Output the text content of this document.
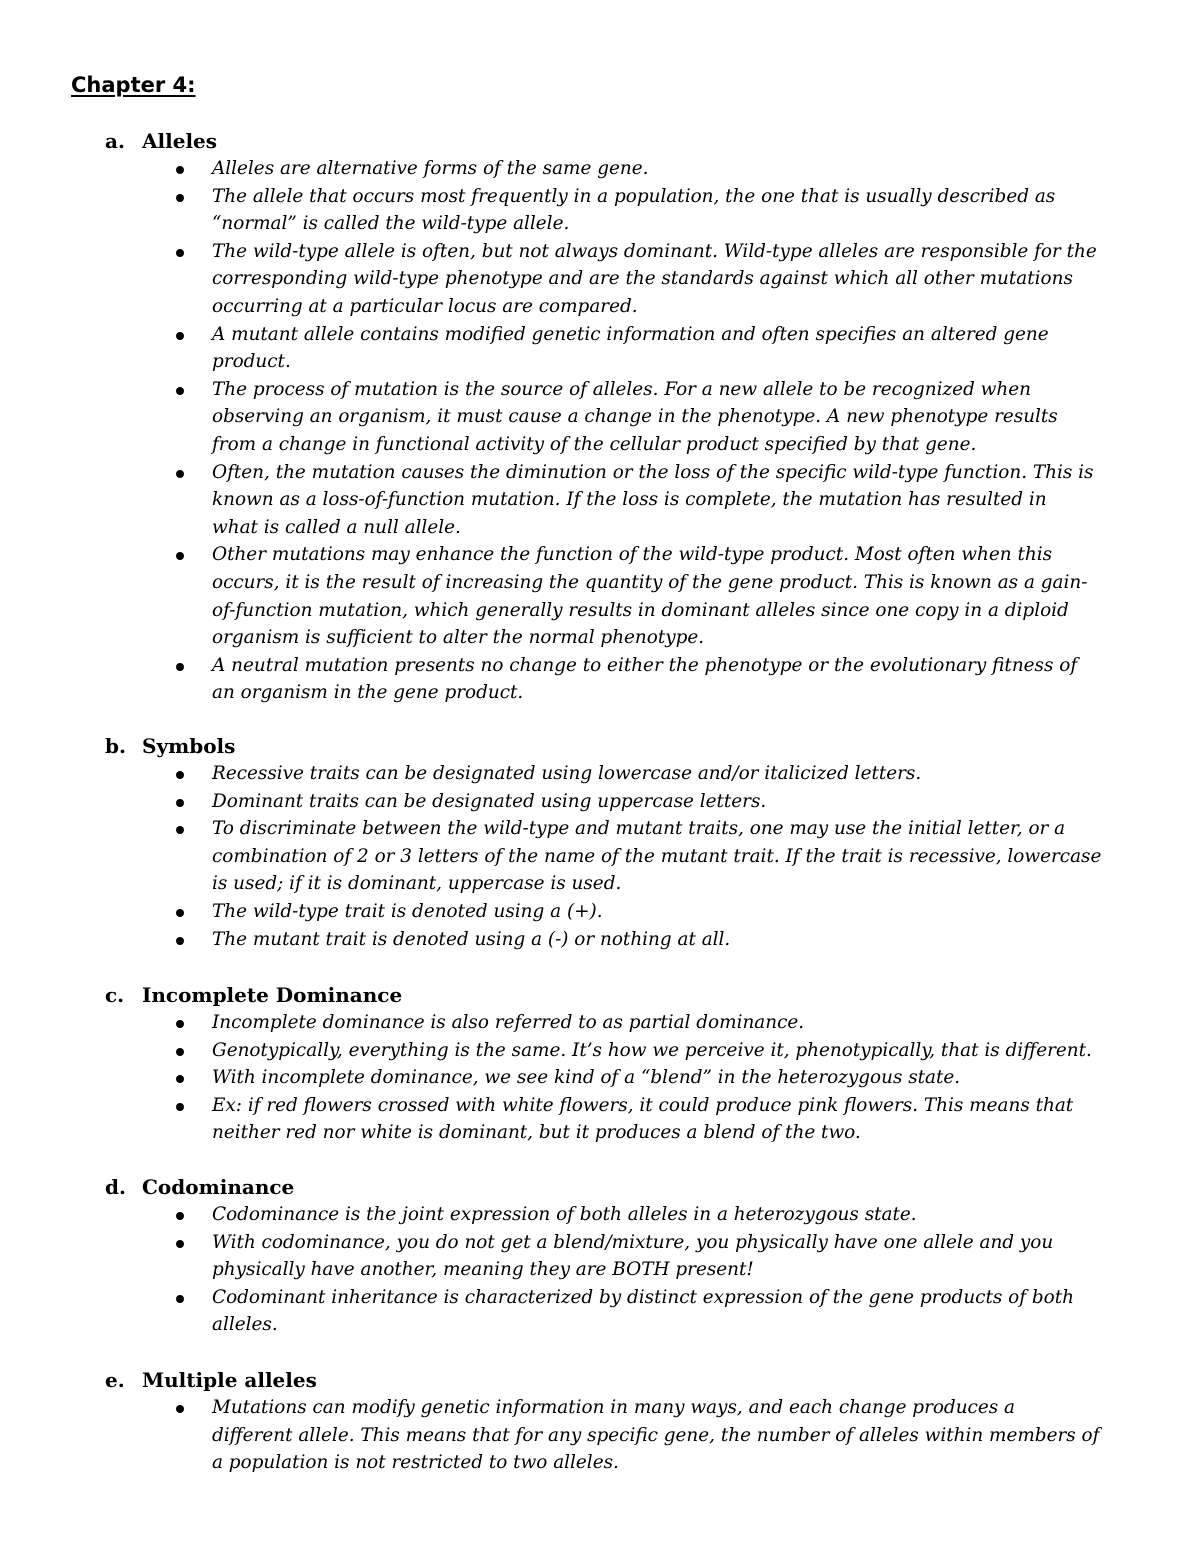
Chapter 4:
a. Alleles
Alleles are alternative forms of the same gene.
The allele that occurs most frequently in a population, the one that is usually described as
“normal” is called the wild-type allele.
The wild-type allele is often, but not always dominant. Wild-type alleles are responsible for the
corresponding wild-type phenotype and are the standards against which all other mutations
occurring at a particular locus are compared.
A mutant allele contains modified genetic information and often specifies an altered gene
product.
The process of mutation is the source of alleles. For a new allele to be recognized when
observing an organism, it must cause a change in the phenotype. A new phenotype results
from a change in functional activity of the cellular product specified by that gene.
Often, the mutation causes the diminution or the loss of the specific wild-type function. This is
known as a loss-of-function mutation. If the loss is complete, the mutation has resulted in
what is called a null allele.
Other mutations may enhance the function of the wild-type product. Most often when this
occurs, it is the result of increasing the quantity of the gene product. This is known as a gain-
of-function mutation, which generally results in dominant alleles since one copy in a diploid
organism is sufficient to alter the normal phenotype.
A neutral mutation presents no change to either the phenotype or the evolutionary fitness of
an organism in the gene product.
b. Symbols
Recessive traits can be designated using lowercase and/or italicized letters.
Dominant traits can be designated using uppercase letters.
To discriminate between the wild-type and mutant traits, one may use the initial letter, or a
combination of 2 or 3 letters of the name of the mutant trait. If the trait is recessive, lowercase
is used; if it is dominant, uppercase is used.
The wild-type trait is denoted using a (+).
The mutant trait is denoted using a (-) or nothing at all.
c. Incomplete Dominance
Incomplete dominance is also referred to as partial dominance.
Genotypically, everything is the same. It’s how we perceive it, phenotypically, that is different.
With incomplete dominance, we see kind of a “blend” in the heterozygous state.
Ex: if red flowers crossed with white flowers, it could produce pink flowers. This means that
neither red nor white is dominant, but it produces a blend of the two.
d. Codominance
Codominance is the joint expression of both alleles in a heterozygous state.
With codominance, you do not get a blend/mixture, you physically have one allele and you
physically have another, meaning they are BOTH present!
Codominant inheritance is characterized by distinct expression of the gene products of both
alleles.
e. Multiple alleles
Mutations can modify genetic information in many ways, and each change produces a
different allele. This means that for any specific gene, the number of alleles within members of
a population is not restricted to two alleles.
